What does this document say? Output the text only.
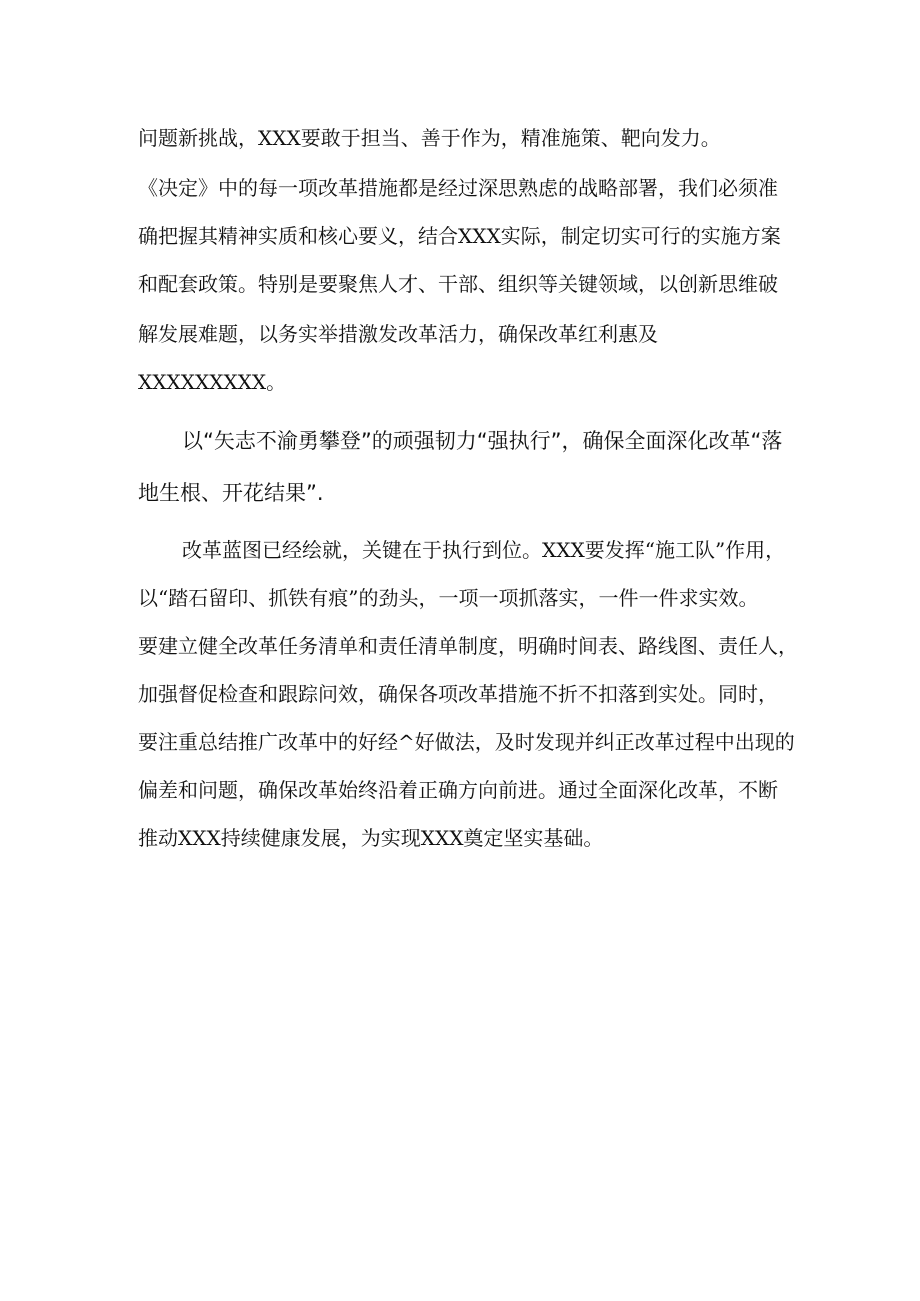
问题新挑战，XXX要敢于担当、善于作为，精准施策、靶向发力。
《决定》中的每一项改革措施都是经过深思熟虑的战略部署，我们必须准
确把握其精神实质和核心要义，结合XXX实际，制定切实可行的实施方案
和配套政策。特别是要聚焦人才、干部、组织等关键领域，以创新思维破
解发展难题，以务实举措激发改革活力，确保改革红利惠及
XXXXXXXXX。
以“矢志不渝勇攀登”的顽强韧力“强执行”，确保全面深化改革“落
地生根、开花结果”.
改革蓝图已经绘就，关键在于执行到位。XXX要发挥“施工队”作用，
以“踏石留印、抓铁有痕”的劲头，一项一项抓落实，一件一件求实效。
要建立健全改革任务清单和责任清单制度，明确时间表、路线图、责任人，
加强督促检查和跟踪问效，确保各项改革措施不折不扣落到实处。同时，
要注重总结推广改革中的好经^好做法，及时发现并纠正改革过程中出现的
偏差和问题，确保改革始终沿着正确方向前进。通过全面深化改革，不断
推动XXX持续健康发展，为实现XXX奠定坚实基础。
